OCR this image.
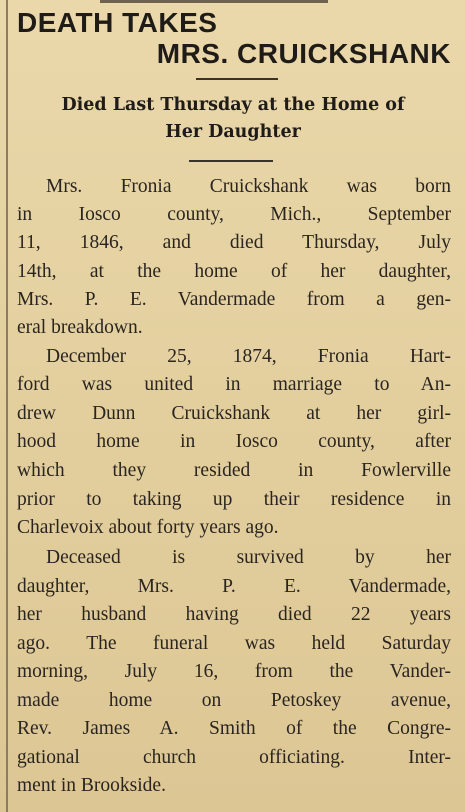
DEATH TAKES
MRS. CRUICKSHANK
Died Last Thursday at the Home of
Her Daughter
Mrs. Fronia Cruickshank was born
in Iosco county, Mich., September
11, 1846, and died Thursday, July
14th, at the home of her daughter,
Mrs. P. E. Vandermade from a gen-
eral breakdown.
December 25, 1874, Fronia Hart-
ford was united in marriage to An-
drew Dunn Cruickshank at her girl-
hood home in Iosco county, after
which they resided in Fowlerville
prior to taking up their residence in
Charlevoix about forty years ago.
Deceased is survived by her
daughter, Mrs. P. E. Vandermade,
her husband having died 22 years
ago. The funeral was held Saturday
morning, July 16, from the Vander-
made home on Petoskey avenue,
Rev. James A. Smith of the Congre-
gational church officiating. Inter-
ment in Brookside.
